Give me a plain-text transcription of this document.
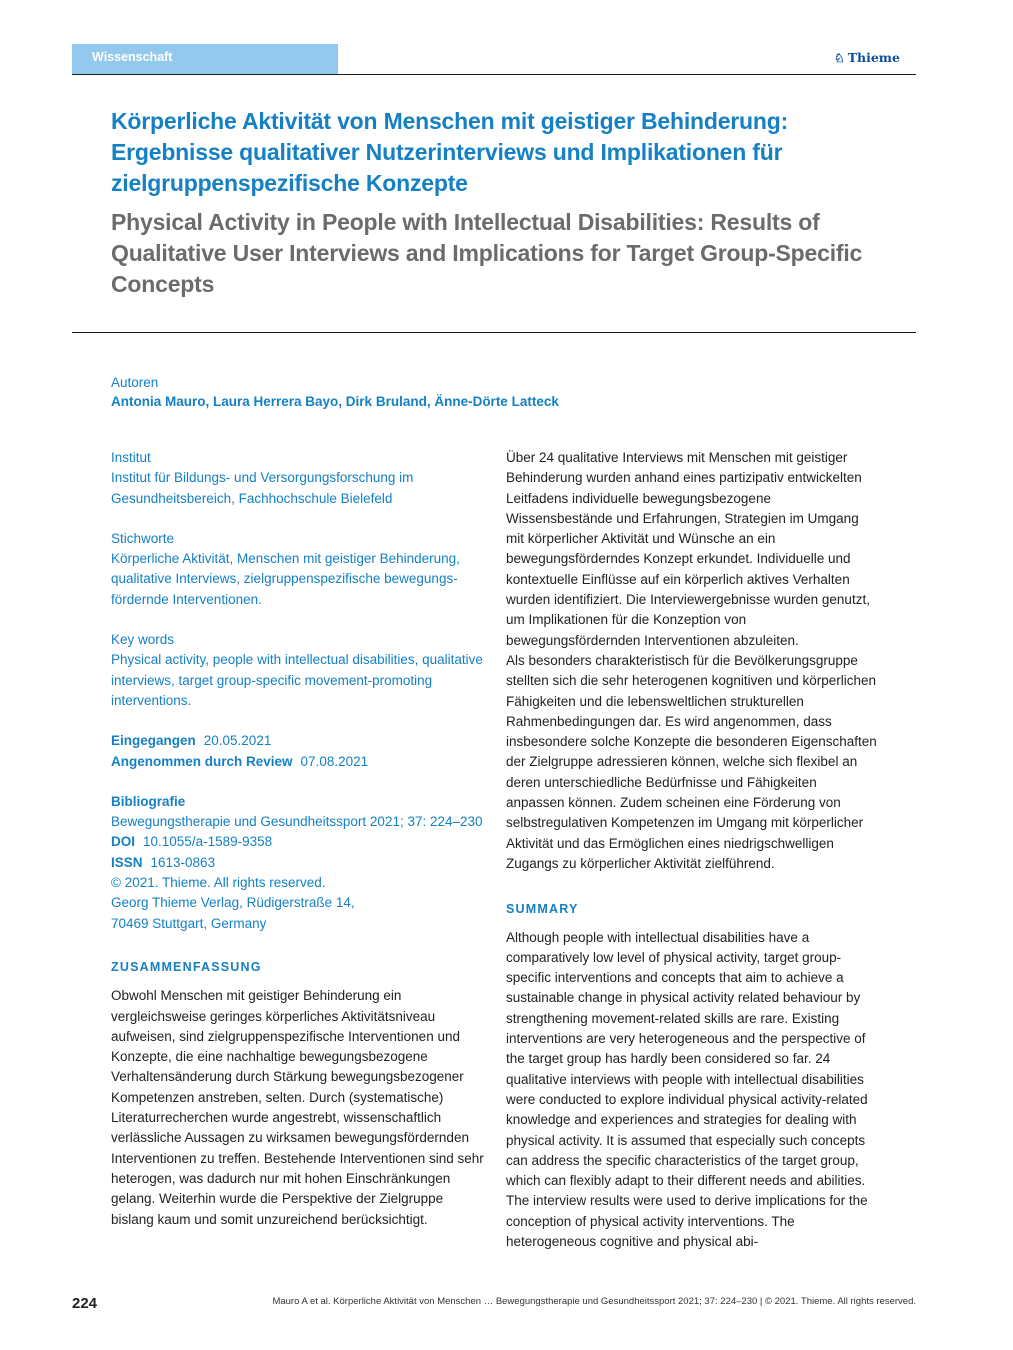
Wissenschaft	♘ Thieme
Körperliche Aktivität von Menschen mit geistiger Behinderung: Ergebnisse qualitativer Nutzerinterviews und Implikationen für zielgruppenspezifische Konzepte
Physical Activity in People with Intellectual Disabilities: Results of Qualitative User Interviews and Implications for Target Group-Specific Concepts
Autoren
Antonia Mauro, Laura Herrera Bayo, Dirk Bruland, Änne-Dörte Latteck
Institut
Institut für Bildungs- und Versorgungsforschung im Gesundheitsbereich, Fachhochschule Bielefeld
Stichworte
Körperliche Aktivität, Menschen mit geistiger Behinderung, qualitative Interviews, zielgruppenspezifische bewegungsfördernde Interventionen.
Key words
Physical activity, people with intellectual disabilities, qualitative interviews, target group-specific movement-promoting interventions.
Eingegangen 20.05.2021
Angenommen durch Review 07.08.2021
Bibliografie
Bewegungstherapie und Gesundheitssport 2021; 37: 224–230
DOI 10.1055/a-1589-9358
ISSN 1613-0863
© 2021. Thieme. All rights reserved.
Georg Thieme Verlag, Rüdigerstraße 14,
70469 Stuttgart, Germany
ZUSAMMENFASSUNG
Obwohl Menschen mit geistiger Behinderung ein vergleichsweise geringes körperliches Aktivitätsniveau aufweisen, sind zielgruppenspezifische Interventionen und Konzepte, die eine nachhaltige bewegungsbezogene Verhaltensänderung durch Stärkung bewegungsbezogener Kompetenzen anstreben, selten. Durch (systematische) Literaturrecherchen wurde angestrebt, wissenschaftlich verlässliche Aussagen zu wirksamen bewegungsfördernden Interventionen zu treffen. Bestehende Interventionen sind sehr heterogen, was dadurch nur mit hohen Einschränkungen gelang. Weiterhin wurde die Perspektive der Zielgruppe bislang kaum und somit unzureichend berücksichtigt.

Über 24 qualitative Interviews mit Menschen mit geistiger Behinderung wurden anhand eines partizipativ entwickelten Leitfadens individuelle bewegungsbezogene Wissensbestände und Erfahrungen, Strategien im Umgang mit körperlicher Aktivität und Wünsche an ein bewegungsförderndes Konzept erkundet. Individuelle und kontextuelle Einflüsse auf ein körperlich aktives Verhalten wurden identifiziert. Die Interviewergebnisse wurden genutzt, um Implikationen für die Konzeption von bewegungsfördernden Interventionen abzuleiten.

Als besonders charakteristisch für die Bevölkerungsgruppe stellten sich die sehr heterogenen kognitiven und körperlichen Fähigkeiten und die lebensweltlichen strukturellen Rahmenbedingungen dar. Es wird angenommen, dass insbesondere solche Konzepte die besonderen Eigenschaften der Zielgruppe adressieren können, welche sich flexibel an deren unterschiedliche Bedürfnisse und Fähigkeiten anpassen können. Zudem scheinen eine Förderung von selbstregulativen Kompetenzen im Umgang mit körperlicher Aktivität und das Ermöglichen eines niedrigschwelligen Zugangs zu körperlicher Aktivität zielführend.

SUMMARY

Although people with intellectual disabilities have a comparatively low level of physical activity, target group-specific interventions and concepts that aim to achieve a sustainable change in physical activity related behaviour by strengthening movement-related skills are rare. Existing interventions are very heterogeneous and the perspective of the target group has hardly been considered so far. 24 qualitative interviews with people with intellectual disabilities were conducted to explore individual physical activity-related knowledge and experiences and strategies for dealing with physical activity. It is assumed that especially such concepts can address the specific characteristics of the target group, which can flexibly adapt to their different needs and abilities. The interview results were used to derive implications for the conception of physical activity interventions. The heterogeneous cognitive and physical abi-

224	Mauro A et al. Körperliche Aktivität von Menschen … Bewegungstherapie und Gesundheitssport 2021; 37: 224–230 | © 2021. Thieme. All rights reserved.
